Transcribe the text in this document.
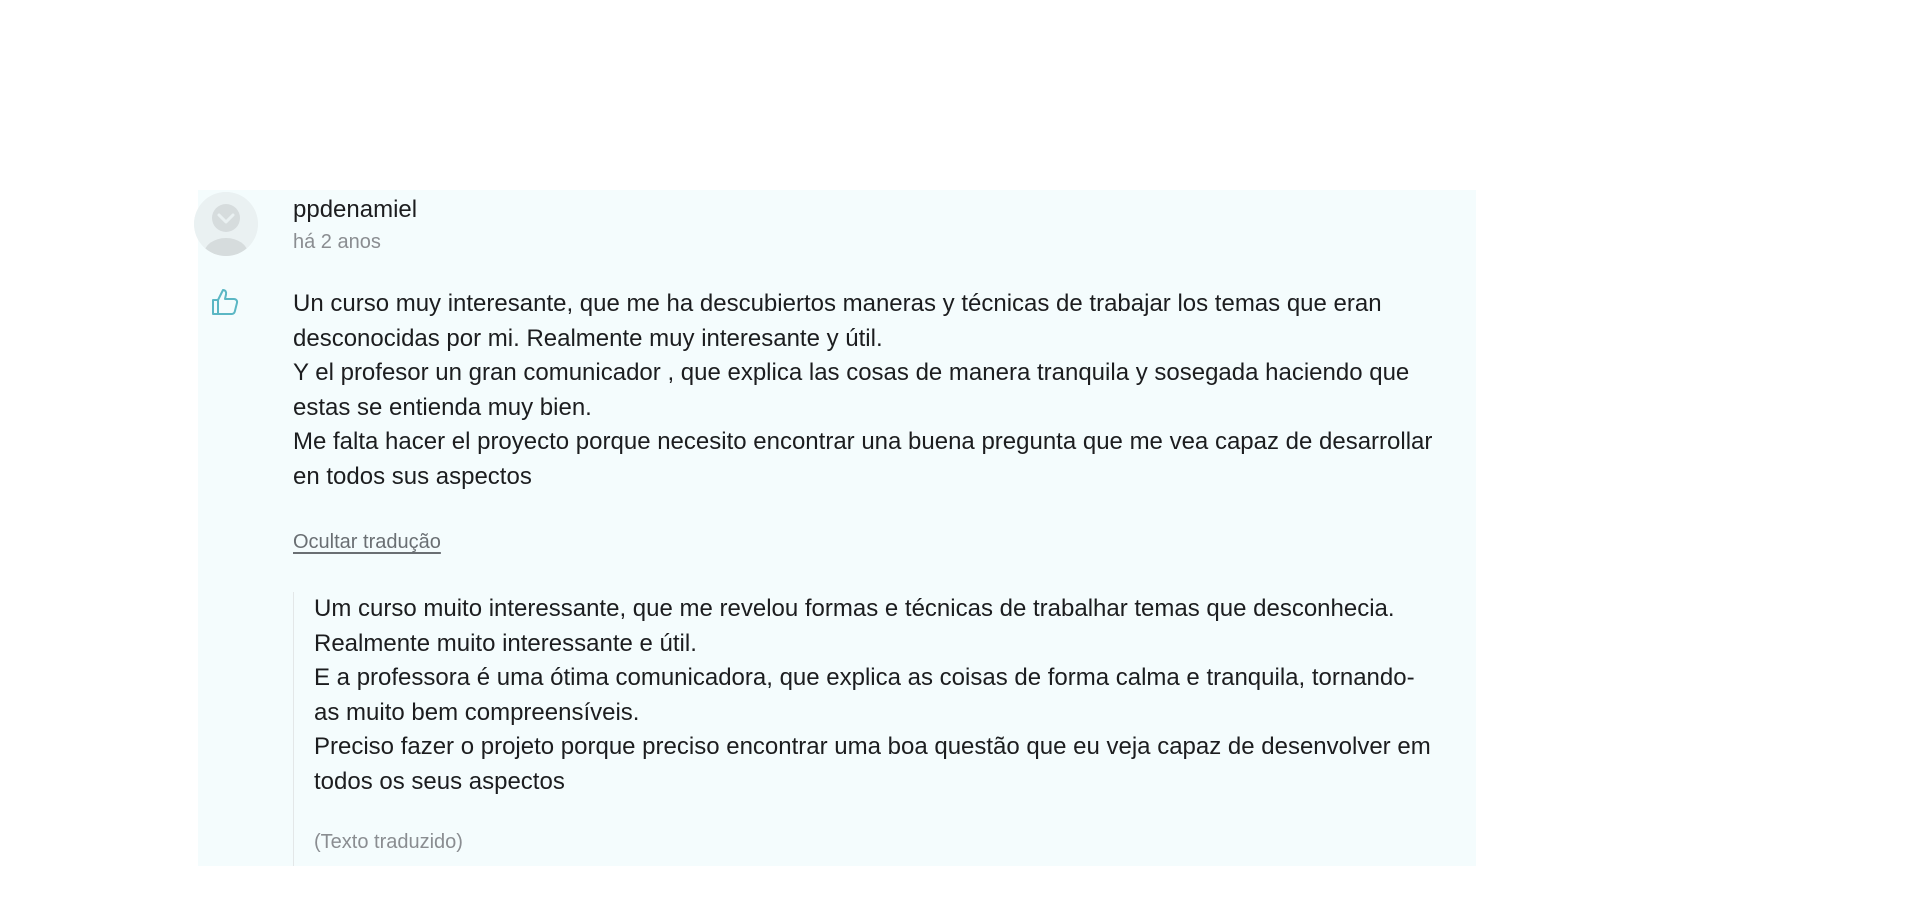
ppdenamiel
há 2 anos

Un curso muy interesante, que me ha descubiertos maneras y técnicas de trabajar los temas que eran desconocidas por mi. Realmente muy interesante y útil.

Y el profesor un gran comunicador , que explica las cosas de manera tranquila y sosegada haciendo que estas se entienda muy bien.

Me falta hacer el proyecto porque necesito encontrar una buena pregunta que me vea capaz de desarrollar en todos sus aspectos

Ocultar tradução

Um curso muito interessante, que me revelou formas e técnicas de trabalhar temas que desconhecia. Realmente muito interessante e útil.

E a professora é uma ótima comunicadora, que explica as coisas de forma calma e tranquila, tornando-as muito bem compreensíveis.

Preciso fazer o projeto porque preciso encontrar uma boa questão que eu veja capaz de desenvolver em todos os seus aspectos

(Texto traduzido)
